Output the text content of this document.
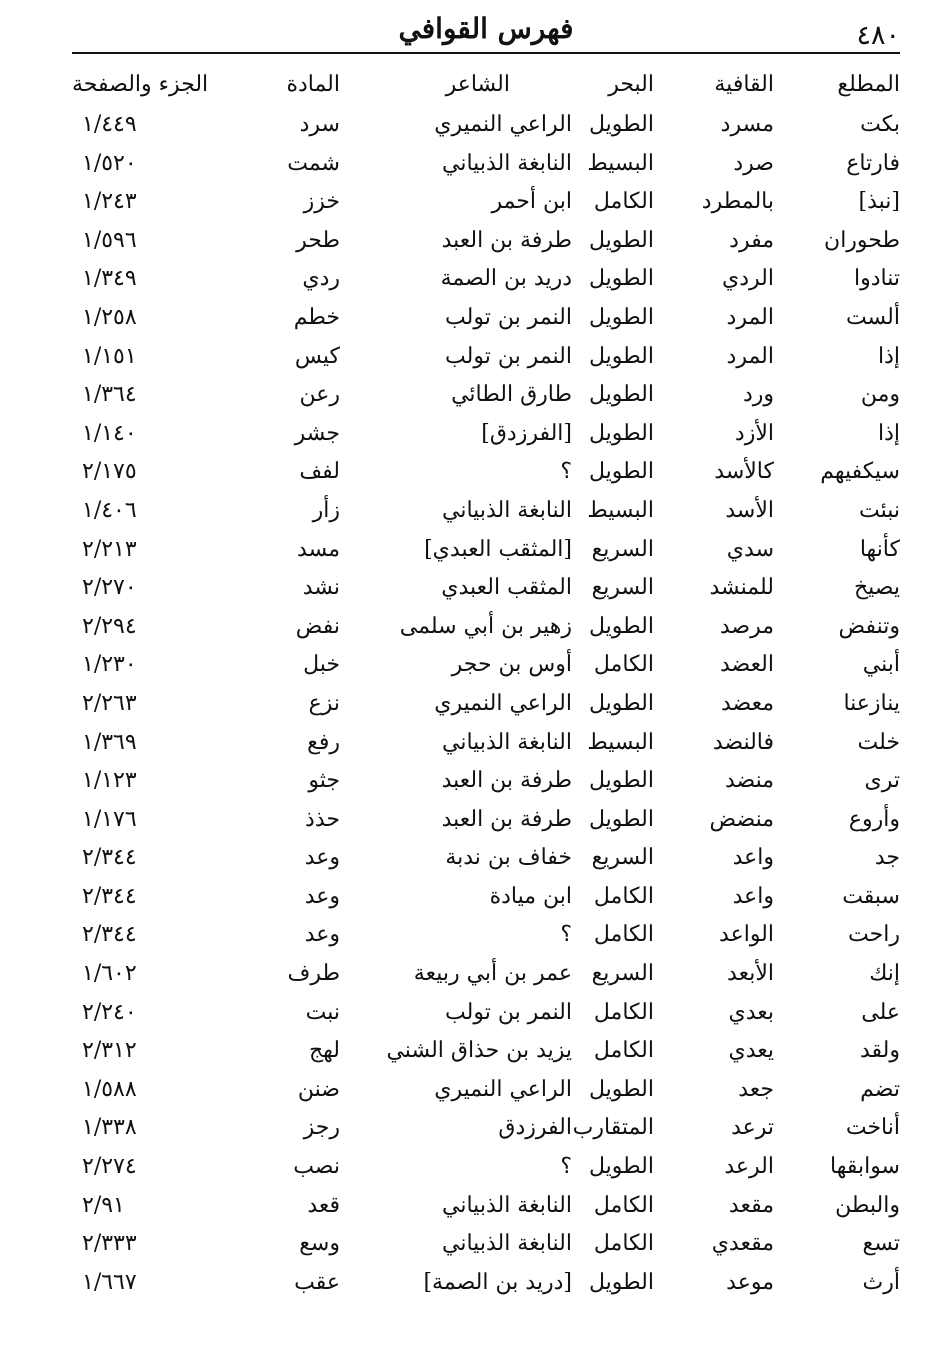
٤٨٠
فهرس القوافي
المطلع
القافية
البحر
الشاعر
المادة
الجزء والصفحة
بكت
مسرد
الطويل
الراعي النميري
سرد
١/٤٤٩
فارتاع
صرد
البسيط
النابغة الذبياني
شمت
١/٥٢٠
[نبذ]
بالمطرد
الكامل
ابن أحمر
خزز
١/٢٤٣
طحوران
مفرد
الطويل
طرفة بن العبد
طحر
١/٥٩٦
تنادوا
الردي
الطويل
دريد بن الصمة
ردي
١/٣٤٩
ألست
المرد
الطويل
النمر بن تولب
خطم
١/٢٥٨
إذا
المرد
الطويل
النمر بن تولب
كيس
١/١٥١
ومن
ورد
الطويل
طارق الطائي
رعن
١/٣٦٤
إذا
الأزد
الطويل
[الفرزدق]
جشر
١/١٤٠
سيكفيهم
كالأسد
الطويل
؟
لفف
٢/١٧٥
نبئت
الأسد
البسيط
النابغة الذبياني
زأر
١/٤٠٦
كأنها
سدي
السريع
[المثقب العبدي]
مسد
٢/٢١٣
يصيخ
للمنشد
السريع
المثقب العبدي
نشد
٢/٢٧٠
وتنفض
مرصد
الطويل
زهير بن أبي سلمى
نفض
٢/٢٩٤
أبني
العضد
الكامل
أوس بن حجر
خبل
١/٢٣٠
ينازعنا
معضد
الطويل
الراعي النميري
نزع
٢/٢٦٣
خلت
فالنضد
البسيط
النابغة الذبياني
رفع
١/٣٦٩
ترى
منضد
الطويل
طرفة بن العبد
جثو
١/١٢٣
وأروع
منضض
الطويل
طرفة بن العبد
حذذ
١/١٧٦
جد
واعد
السريع
خفاف بن ندبة
وعد
٢/٣٤٤
سبقت
واعد
الكامل
ابن ميادة
وعد
٢/٣٤٤
راحت
الواعد
الكامل
؟
وعد
٢/٣٤٤
إنك
الأبعد
السريع
عمر بن أبي ربيعة
طرف
١/٦٠٢
على
بعدي
الكامل
النمر بن تولب
نبت
٢/٢٤٠
ولقد
يعدي
الكامل
يزيد بن حذاق الشني
لهج
٢/٣١٢
تضم
جعد
الطويل
الراعي النميري
ضنن
١/٥٨٨
أناخت
ترعد
المتقارب
الفرزدق
رجز
١/٣٣٨
سوابقها
الرعد
الطويل
؟
نصب
٢/٢٧٤
والبطن
مقعد
الكامل
النابغة الذبياني
قعد
٢/٩١
تسع
مقعدي
الكامل
النابغة الذبياني
وسع
٢/٣٣٣
أرث
موعد
الطويل
[دريد بن الصمة]
عقب
١/٦٦٧
